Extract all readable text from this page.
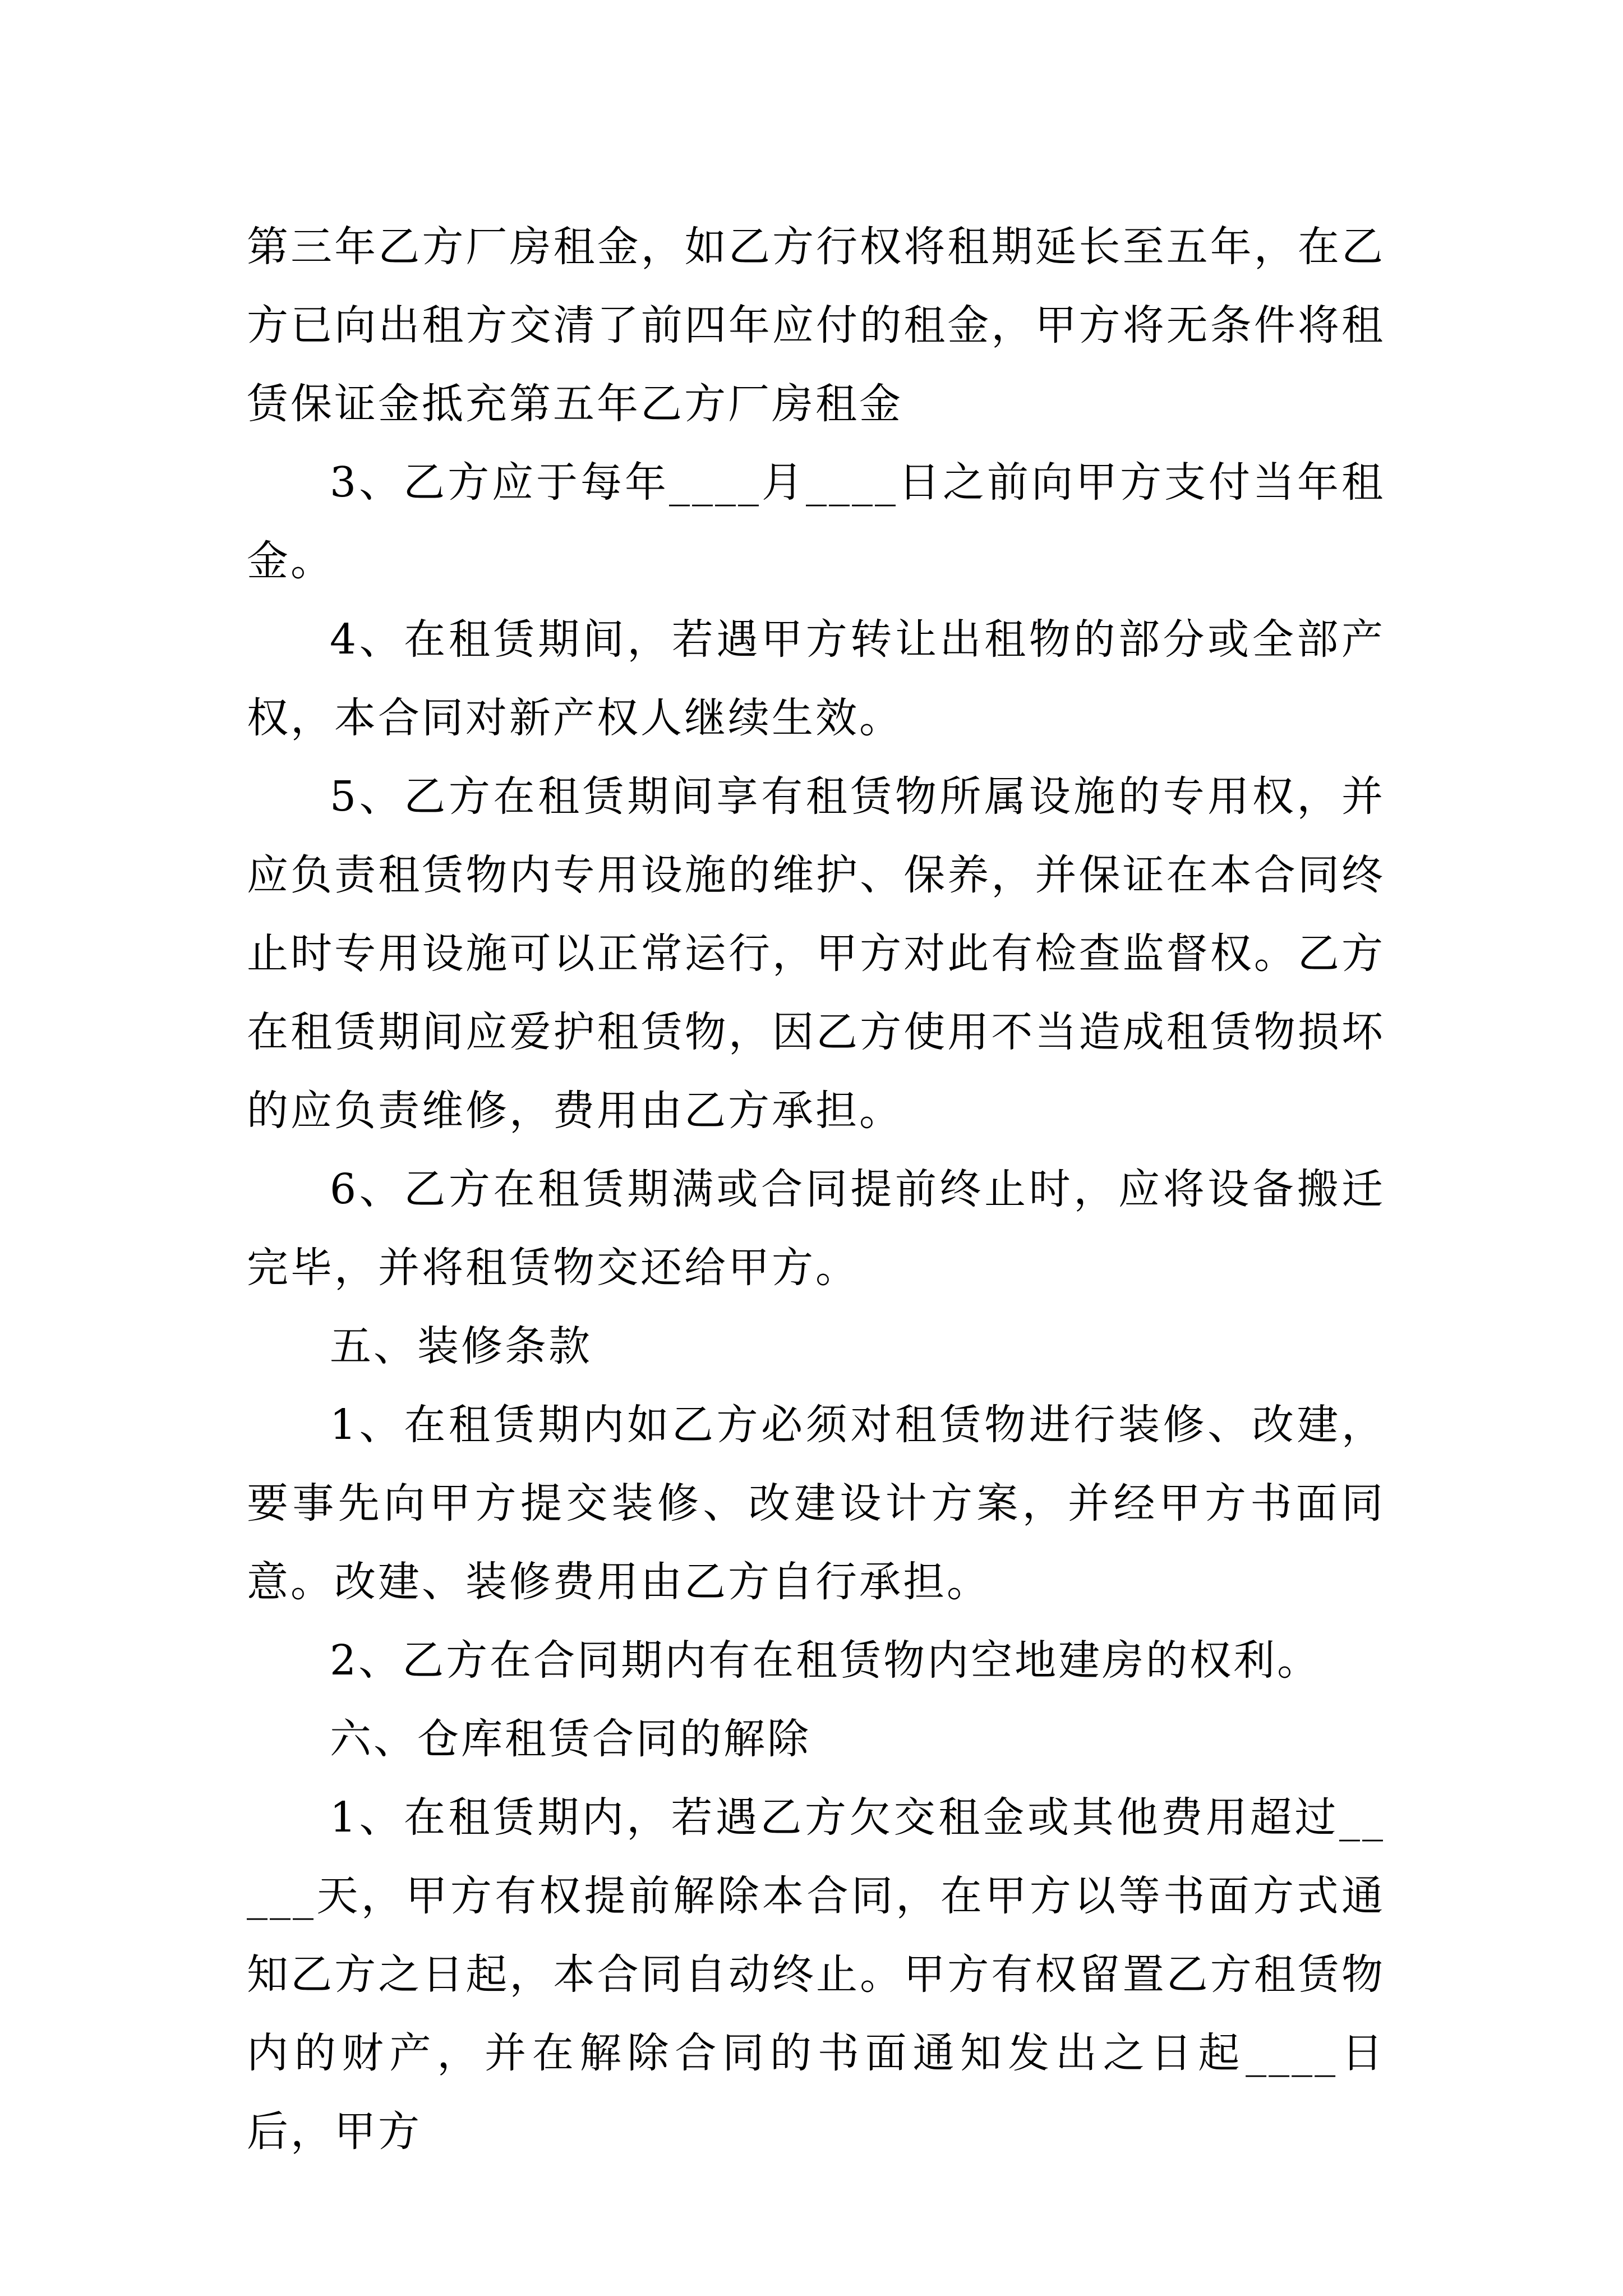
第三年乙方厂房租金，如乙方行权将租期延长至五年，在乙方已向出租方交清了前四年应付的租金，甲方将无条件将租赁保证金抵充第五年乙方厂房租金

3、乙方应于每年____月____日之前向甲方支付当年租金。

4、在租赁期间，若遇甲方转让出租物的部分或全部产权，本合同对新产权人继续生效。

5、乙方在租赁期间享有租赁物所属设施的专用权，并应负责租赁物内专用设施的维护、保养，并保证在本合同终止时专用设施可以正常运行，甲方对此有检查监督权。乙方在租赁期间应爱护租赁物，因乙方使用不当造成租赁物损坏的应负责维修，费用由乙方承担。

6、乙方在租赁期满或合同提前终止时，应将设备搬迁完毕，并将租赁物交还给甲方。

五、装修条款

1、在租赁期内如乙方必须对租赁物进行装修、改建，要事先向甲方提交装修、改建设计方案，并经甲方书面同意。改建、装修费用由乙方自行承担。

2、乙方在合同期内有在租赁物内空地建房的权利。

六、仓库租赁合同的解除

1、在租赁期内，若遇乙方欠交租金或其他费用超过_____天，甲方有权提前解除本合同，在甲方以等书面方式通知乙方之日起，本合同自动终止。甲方有权留置乙方租赁物内的财产，并在解除合同的书面通知发出之日起____日后，甲方
